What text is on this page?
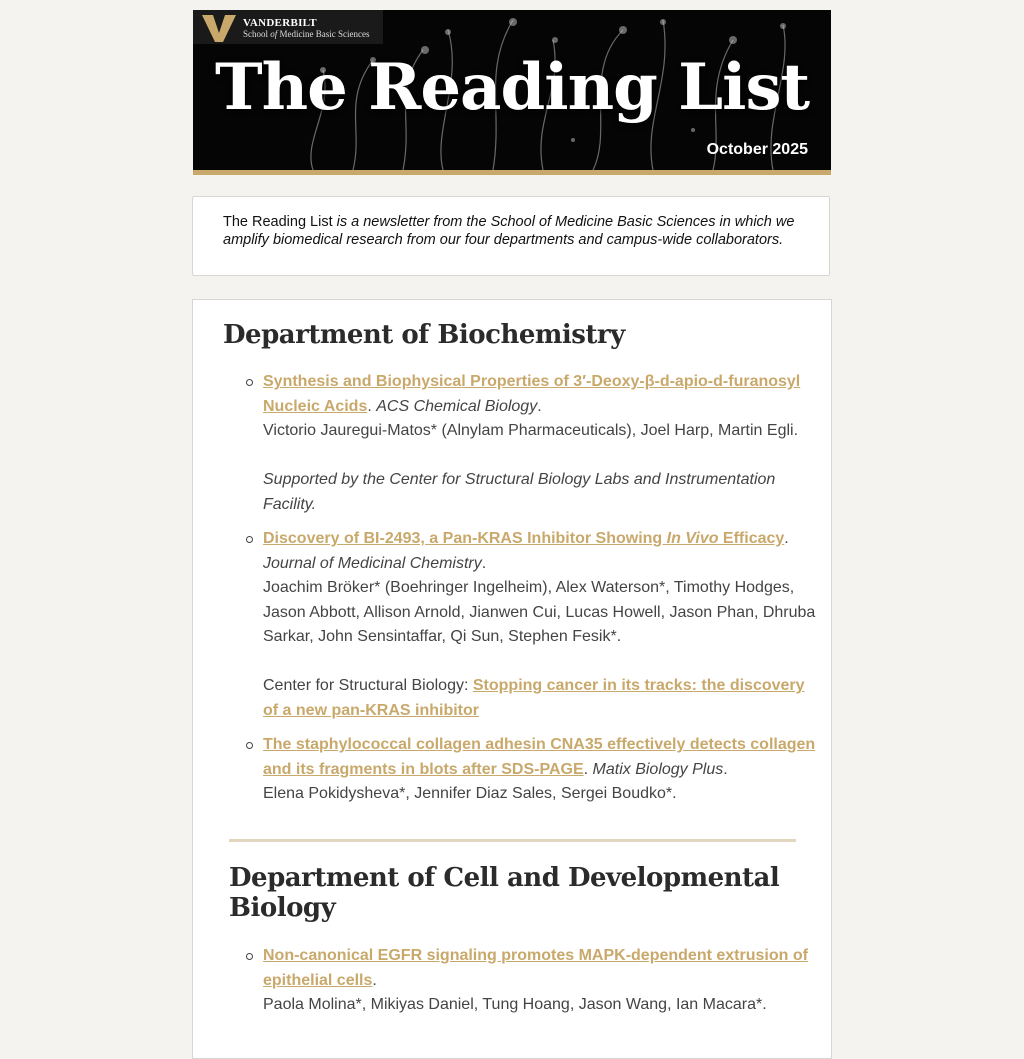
VANDERBILT
School of Medicine Basic Sciences
The Reading List
October 2025
The Reading List is a newsletter from the School of Medicine Basic Sciences in which we amplify biomedical research from our four departments and campus-wide collaborators.
Department of Biochemistry
Synthesis and Biophysical Properties of 3′-Deoxy-β-d-apio-d-furanosyl Nucleic Acids. ACS Chemical Biology.
Victorio Jauregui-Matos* (Alnylam Pharmaceuticals), Joel Harp, Martin Egli.

Supported by the Center for Structural Biology Labs and Instrumentation Facility.
Discovery of BI-2493, a Pan-KRAS Inhibitor Showing In Vivo Efficacy.
Journal of Medicinal Chemistry.
Joachim Bröker* (Boehringer Ingelheim), Alex Waterson*, Timothy Hodges, Jason Abbott, Allison Arnold, Jianwen Cui, Lucas Howell, Jason Phan, Dhruba Sarkar, John Sensintaffar, Qi Sun, Stephen Fesik*.

Center for Structural Biology: Stopping cancer in its tracks: the discovery of a new pan-KRAS inhibitor
The staphylococcal collagen adhesin CNA35 effectively detects collagen and its fragments in blots after SDS-PAGE. Matix Biology Plus.
Elena Pokidysheva*, Jennifer Diaz Sales, Sergei Boudko*.
Department of Cell and Developmental Biology
Non-canonical EGFR signaling promotes MAPK-dependent extrusion of epithelial cells.
Paola Molina*, Mikiyas Daniel, Tung Hoang, Jason Wang, Ian Macara*.
